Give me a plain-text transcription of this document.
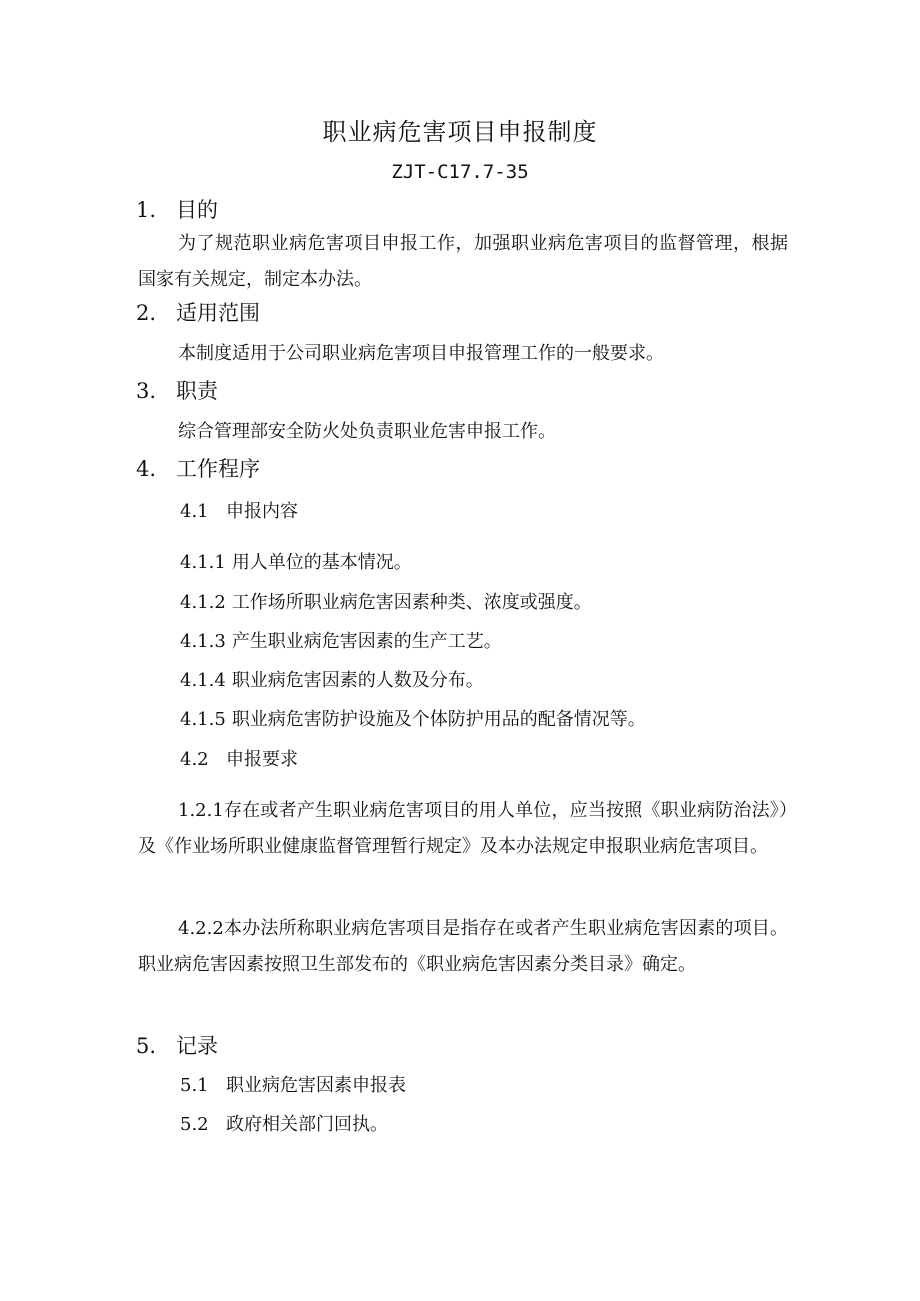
职业病危害项目申报制度
ZJT-C17.7-35
1. 目的
为了规范职业病危害项目申报工作，加强职业病危害项目的监督管理，根据国家有关规定，制定本办法。
2. 适用范围
本制度适用于公司职业病危害项目申报管理工作的一般要求。
3. 职责
综合管理部安全防火处负责职业危害申报工作。
4. 工作程序
4.1 申报内容
4.1.1 用人单位的基本情况。
4.1.2 工作场所职业病危害因素种类、浓度或强度。
4.1.3 产生职业病危害因素的生产工艺。
4.1.4 职业病危害因素的人数及分布。
4.1.5 职业病危害防护设施及个体防护用品的配备情况等。
4.2 申报要求
1.2.1存在或者产生职业病危害项目的用人单位，应当按照《职业病防治法》）及《作业场所职业健康监督管理暂行规定》及本办法规定申报职业病危害项目。
4.2.2本办法所称职业病危害项目是指存在或者产生职业病危害因素的项目。职业病危害因素按照卫生部发布的《职业病危害因素分类目录》确定。
5. 记录
5.1 职业病危害因素申报表
5.2 政府相关部门回执。
